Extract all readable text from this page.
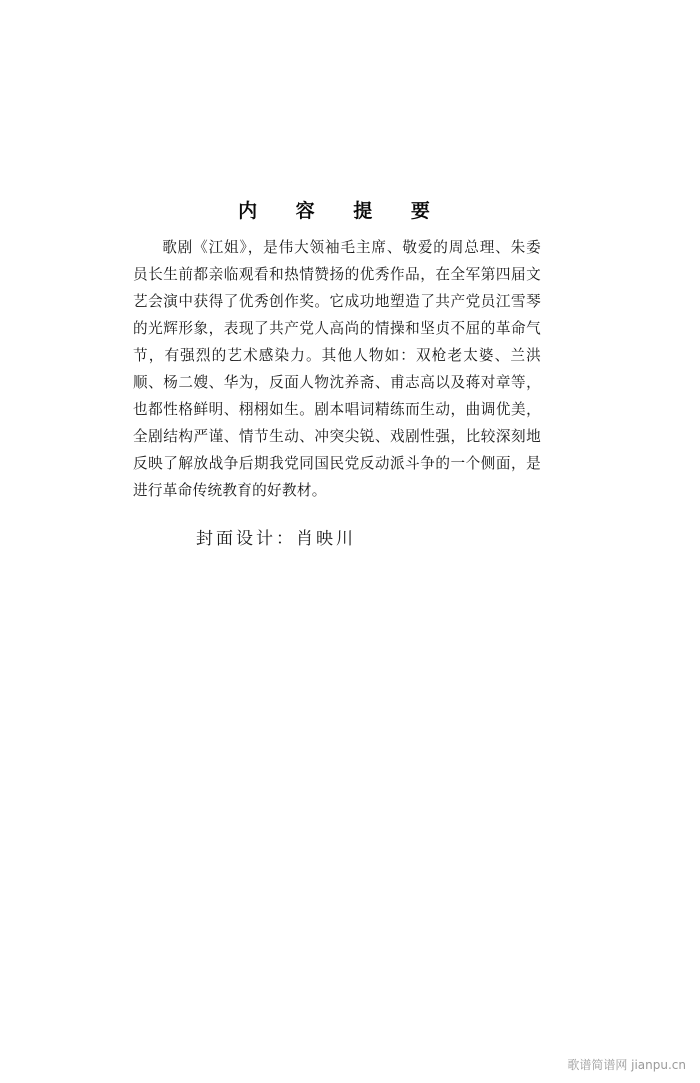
内 容 提 要
歌剧《江姐》，是伟大领袖毛主席、敬爱的周总理、朱委员长生前都亲临观看和热情赞扬的优秀作品，在全军第四届文艺会演中获得了优秀创作奖。它成功地塑造了共产党员江雪琴的光辉形象，表现了共产党人高尚的情操和坚贞不屈的革命气节，有强烈的艺术感染力。其他人物如：双枪老太婆、兰洪顺、杨二嫂、华为，反面人物沈养斋、甫志高以及蒋对章等，也都性格鲜明、栩栩如生。剧本唱词精练而生动，曲调优美，全剧结构严谨、情节生动、冲突尖锐、戏剧性强，比较深刻地反映了解放战争后期我党同国民党反动派斗争的一个侧面，是进行革命传统教育的好教材。
封面设计：肖映川
歌谱简谱网 jianpu.cn
